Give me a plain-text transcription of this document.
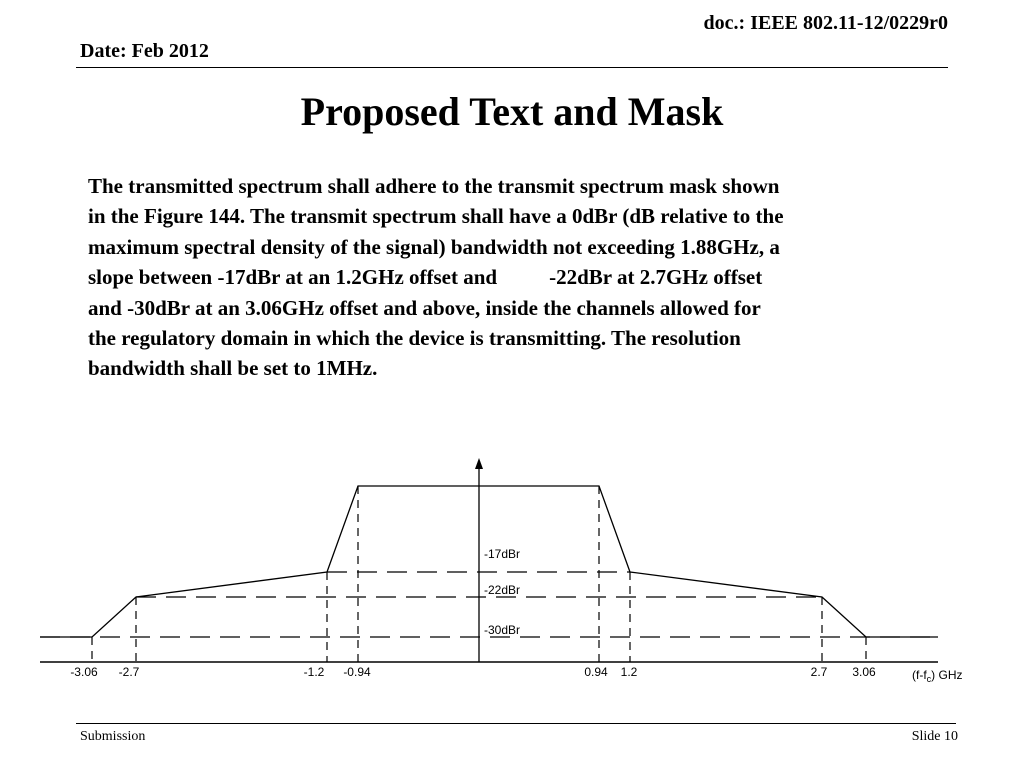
doc.: IEEE 802.11-12/0229r0
Date: Feb 2012
Proposed Text and Mask

The transmitted spectrum shall adhere to the transmit spectrum mask shown

in the Figure 144. The transmit spectrum shall have a 0dBr (dB relative to the

maximum spectral density of the signal) bandwidth not exceeding 1.88GHz, a

slope between -17dBr at an 1.2GHz offset and -22dBr at 2.7GHz offset

and -30dBr at an 3.06GHz offset and above, inside the channels allowed for

the regulatory domain in which the device is transmitting. The resolution

bandwidth shall be set to 1MHz.

-17dBr
-22dBr
-30dBr
-3.06 -2.7	-1.2 -0.94	0.94 1.2	2.7 3.06	$(f-f_c)$ GHz
Submission	Slide 10
